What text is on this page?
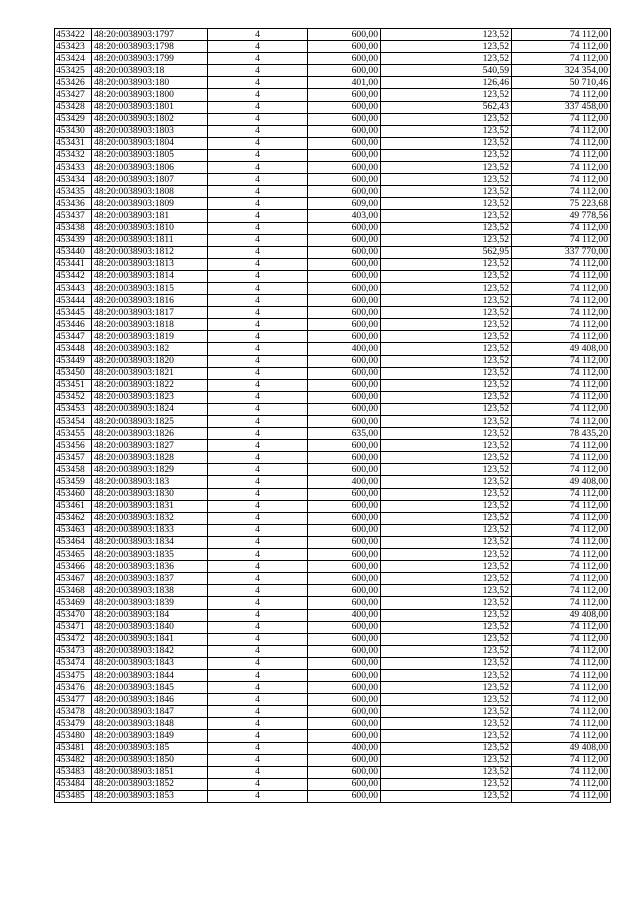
453422	48:20:0038903:1797	4	600,00	123,52	74 112,00
453423	48:20:0038903:1798	4	600,00	123,52	74 112,00
453424	48:20:0038903:1799	4	600,00	123,52	74 112,00
453425	48:20:0038903:18	4	600,00	540,59	324 354,00
453426	48:20:0038903:180	4	401,00	126,46	50 710,46
453427	48:20:0038903:1800	4	600,00	123,52	74 112,00
453428	48:20:0038903:1801	4	600,00	562,43	337 458,00
453429	48:20:0038903:1802	4	600,00	123,52	74 112,00
453430	48:20:0038903:1803	4	600,00	123,52	74 112,00
453431	48:20:0038903:1804	4	600,00	123,52	74 112,00
453432	48:20:0038903:1805	4	600,00	123,52	74 112,00
453433	48:20:0038903:1806	4	600,00	123,52	74 112,00
453434	48:20:0038903:1807	4	600,00	123,52	74 112,00
453435	48:20:0038903:1808	4	600,00	123,52	74 112,00
453436	48:20:0038903:1809	4	609,00	123,52	75 223,68
453437	48:20:0038903:181	4	403,00	123,52	49 778,56
453438	48:20:0038903:1810	4	600,00	123,52	74 112,00
453439	48:20:0038903:1811	4	600,00	123,52	74 112,00
453440	48:20:0038903:1812	4	600,00	562,95	337 770,00
453441	48:20:0038903:1813	4	600,00	123,52	74 112,00
453442	48:20:0038903:1814	4	600,00	123,52	74 112,00
453443	48:20:0038903:1815	4	600,00	123,52	74 112,00
453444	48:20:0038903:1816	4	600,00	123,52	74 112,00
453445	48:20:0038903:1817	4	600,00	123,52	74 112,00
453446	48:20:0038903:1818	4	600,00	123,52	74 112,00
453447	48:20:0038903:1819	4	600,00	123,52	74 112,00
453448	48:20:0038903:182	4	400,00	123,52	49 408,00
453449	48:20:0038903:1820	4	600,00	123,52	74 112,00
453450	48:20:0038903:1821	4	600,00	123,52	74 112,00
453451	48:20:0038903:1822	4	600,00	123,52	74 112,00
453452	48:20:0038903:1823	4	600,00	123,52	74 112,00
453453	48:20:0038903:1824	4	600,00	123,52	74 112,00
453454	48:20:0038903:1825	4	600,00	123,52	74 112,00
453455	48:20:0038903:1826	4	635,00	123,52	78 435,20
453456	48:20:0038903:1827	4	600,00	123,52	74 112,00
453457	48:20:0038903:1828	4	600,00	123,52	74 112,00
453458	48:20:0038903:1829	4	600,00	123,52	74 112,00
453459	48:20:0038903:183	4	400,00	123,52	49 408,00
453460	48:20:0038903:1830	4	600,00	123,52	74 112,00
453461	48:20:0038903:1831	4	600,00	123,52	74 112,00
453462	48:20:0038903:1832	4	600,00	123,52	74 112,00
453463	48:20:0038903:1833	4	600,00	123,52	74 112,00
453464	48:20:0038903:1834	4	600,00	123,52	74 112,00
453465	48:20:0038903:1835	4	600,00	123,52	74 112,00
453466	48:20:0038903:1836	4	600,00	123,52	74 112,00
453467	48:20:0038903:1837	4	600,00	123,52	74 112,00
453468	48:20:0038903:1838	4	600,00	123,52	74 112,00
453469	48:20:0038903:1839	4	600,00	123,52	74 112,00
453470	48:20:0038903:184	4	400,00	123,52	49 408,00
453471	48:20:0038903:1840	4	600,00	123,52	74 112,00
453472	48:20:0038903:1841	4	600,00	123,52	74 112,00
453473	48:20:0038903:1842	4	600,00	123,52	74 112,00
453474	48:20:0038903:1843	4	600,00	123,52	74 112,00
453475	48:20:0038903:1844	4	600,00	123,52	74 112,00
453476	48:20:0038903:1845	4	600,00	123,52	74 112,00
453477	48:20:0038903:1846	4	600,00	123,52	74 112,00
453478	48:20:0038903:1847	4	600,00	123,52	74 112,00
453479	48:20:0038903:1848	4	600,00	123,52	74 112,00
453480	48:20:0038903:1849	4	600,00	123,52	74 112,00
453481	48:20:0038903:185	4	400,00	123,52	49 408,00
453482	48:20:0038903:1850	4	600,00	123,52	74 112,00
453483	48:20:0038903:1851	4	600,00	123,52	74 112,00
453484	48:20:0038903:1852	4	600,00	123,52	74 112,00
453485	48:20:0038903:1853	4	600,00	123,52	74 112,00
